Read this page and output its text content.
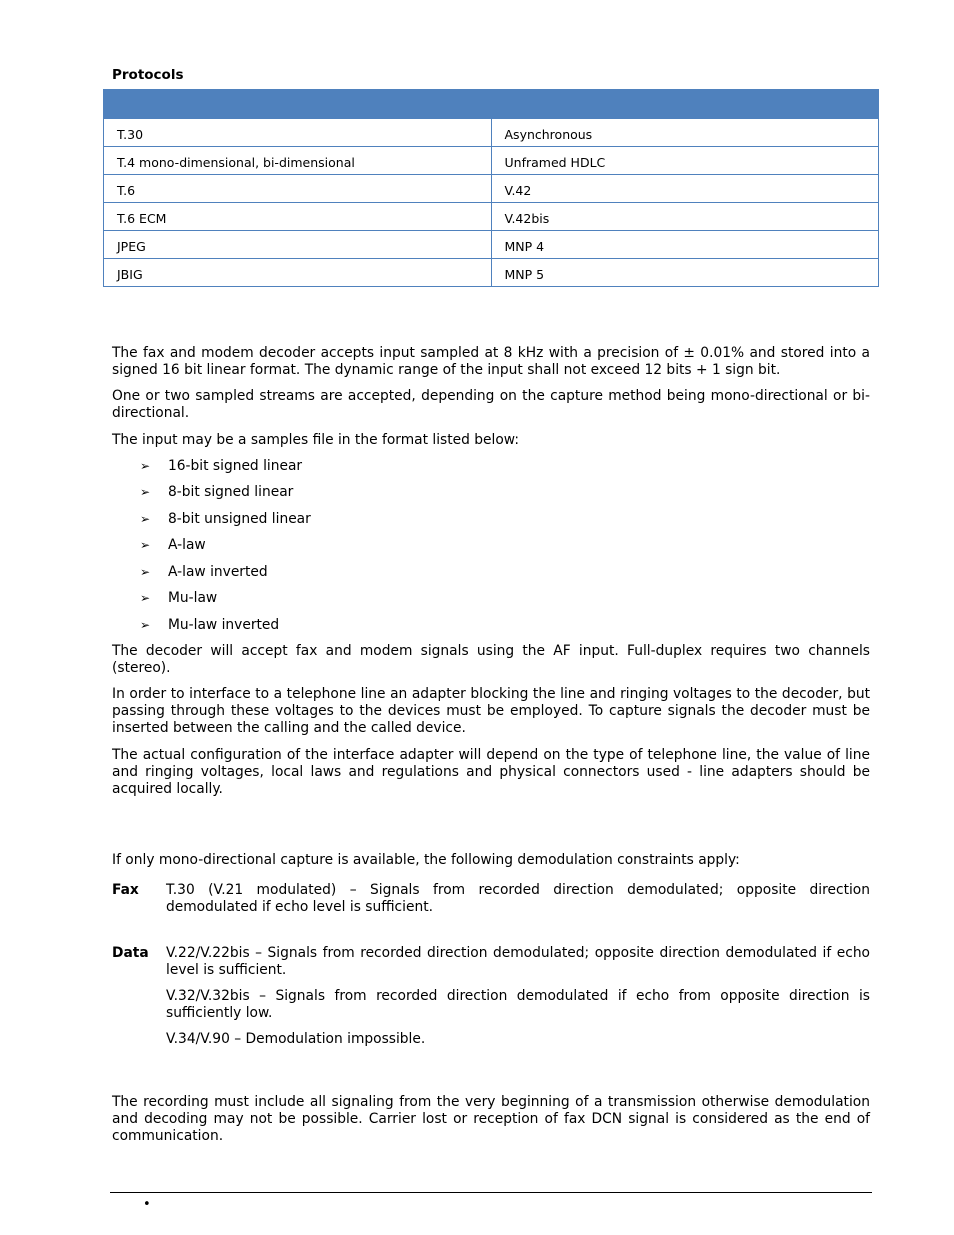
Protocols

T.30	Asynchronous
T.4 mono-dimensional, bi-dimensional	Unframed HDLC
T.6	V.42
T.6 ECM	V.42bis
JPEG	MNP 4
JBIG	MNP 5

The fax and modem decoder accepts input sampled at 8 kHz with a precision of ± 0.01% and stored into a signed 16 bit linear format. The dynamic range of the input shall not exceed 12 bits + 1 sign bit.

One or two sampled streams are accepted, depending on the capture method being mono-directional or bi-directional.

The input may be a samples file in the format listed below:

➢ 16-bit signed linear
➢ 8-bit signed linear
➢ 8-bit unsigned linear
➢ A-law
➢ A-law inverted
➢ Mu-law
➢ Mu-law inverted

The decoder will accept fax and modem signals using the AF input. Full-duplex requires two channels (stereo).

In order to interface to a telephone line an adapter blocking the line and ringing voltages to the decoder, but passing through these voltages to the devices must be employed. To capture signals the decoder must be inserted between the calling and the called device.

The actual configuration of the interface adapter will depend on the type of telephone line, the value of line and ringing voltages, local laws and regulations and physical connectors used - line adapters should be acquired locally.

If only mono-directional capture is available, the following demodulation constraints apply:

Fax T.30 (V.21 modulated) – Signals from recorded direction demodulated; opposite direction demodulated if echo level is sufficient.

Data V.22/V.22bis – Signals from recorded direction demodulated; opposite direction demodulated if echo level is sufficient.

V.32/V.32bis – Signals from recorded direction demodulated if echo from opposite direction is sufficiently low.

V.34/V.90 – Demodulation impossible.

The recording must include all signaling from the very beginning of a transmission otherwise demodulation and decoding may not be possible. Carrier lost or reception of fax DCN signal is considered as the end of communication.

•
